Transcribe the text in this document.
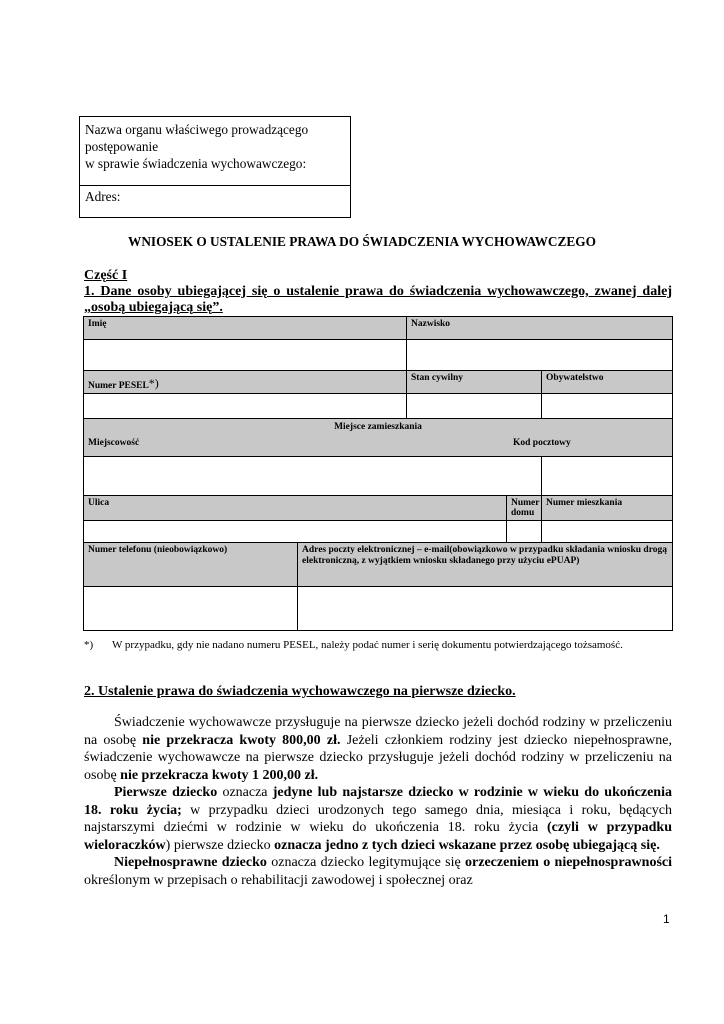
Nazwa organu właściwego prowadzącego
postępowanie
w sprawie świadczenia wychowawczego:
Adres:
WNIOSEK O USTALENIE PRAWA DO ŚWIADCZENIA WYCHOWAWCZEGO
Część I
1. Dane osoby ubiegającej się o ustalenie prawa do świadczenia wychowawczego, zwanej dalej „osobą ubiegającą się”.
Imię		Nazwisko		

Numer PESEL*)		Stan cywilny		Obywatelstwo

Miejsce zamieszkania
Miejscowość Kod pocztowy				

Ulica			Numer domu	Numer mieszkania

Numer telefonu (nieobowiązkowo)	Adres poczty elektronicznej – e-mail(obowiązkowo w przypadku składania wniosku drogą elektroniczną, z wyjątkiem wniosku składanego przy użyciu ePUAP)			

*) W przypadku, gdy nie nadano numeru PESEL, należy podać numer i serię dokumentu potwierdzającego tożsamość.
2. Ustalenie prawa do świadczenia wychowawczego na pierwsze dziecko.

Świadczenie wychowawcze przysługuje na pierwsze dziecko jeżeli dochód rodziny w przeliczeniu na osobę nie przekracza kwoty 800,00 zł. Jeżeli członkiem rodziny jest dziecko niepełnosprawne, świadczenie wychowawcze na pierwsze dziecko przysługuje jeżeli dochód rodziny w przeliczeniu na osobę nie przekracza kwoty 1 200,00 zł.

Pierwsze dziecko oznacza jedyne lub najstarsze dziecko w rodzinie w wieku do ukończenia 18. roku życia; w przypadku dzieci urodzonych tego samego dnia, miesiąca i roku, będących najstarszymi dziećmi w rodzinie w wieku do ukończenia 18. roku życia (czyli w przypadku wieloraczków) pierwsze dziecko oznacza jedno z tych dzieci wskazane przez osobę ubiegającą się.

Niepełnosprawne dziecko oznacza dziecko legitymujące się orzeczeniem o niepełnosprawności określonym w przepisach o rehabilitacji zawodowej i społecznej oraz

1
